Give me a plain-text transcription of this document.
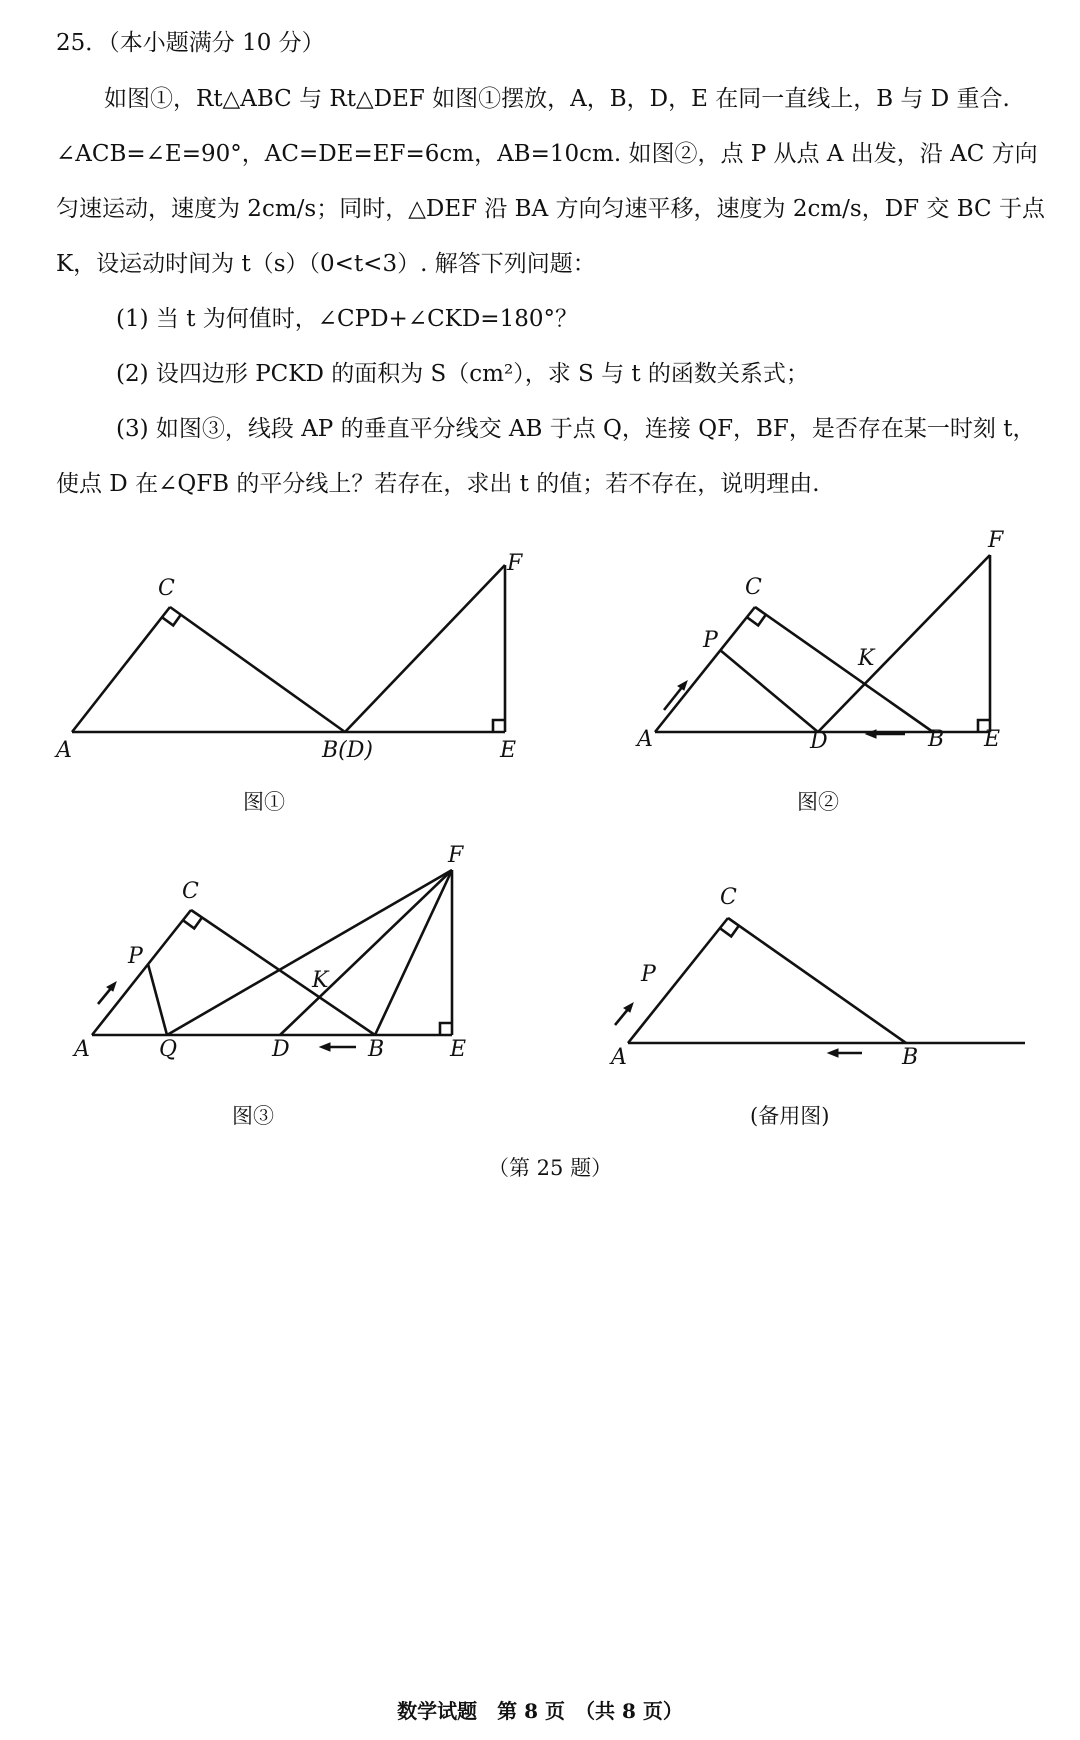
25．（本小题满分 10 分）
如图①，Rt△ABC 与 Rt△DEF 如图①摆放，A，B，D，E 在同一直线上，B 与 D 重合. ∠ACB=∠E=90°，AC=DE=EF=6cm，AB=10cm. 如图②，点 P 从点 A 出发，沿 AC 方向匀速运动，速度为 2cm/s；同时，△DEF 沿 BA 方向匀速平移，速度为 2cm/s，DF 交 BC 于点 K，设运动时间为 t（s）（0<t<3）. 解答下列问题：
(1) 当 t 为何值时，∠CPD+∠CKD=180°？
(2) 设四边形 PCKD 的面积为 S（cm²），求 S 与 t 的函数关系式；
(3) 如图③，线段 AP 的垂直平分线交 AB 于点 Q，连接 QF，BF，是否存在某一时刻 t，使点 D 在∠QFB 的平分线上？若存在，求出 t 的值；若不存在，说明理由.
A	B(D)
C
E
F
图①
A	B
C
D	E
F
K
P
图②
A	B
C
D	E
F
K
P
Q
图③
A	B
C
P
(备用图)
（第 25 题）
数学试题　第 8 页　（共 8 页）
